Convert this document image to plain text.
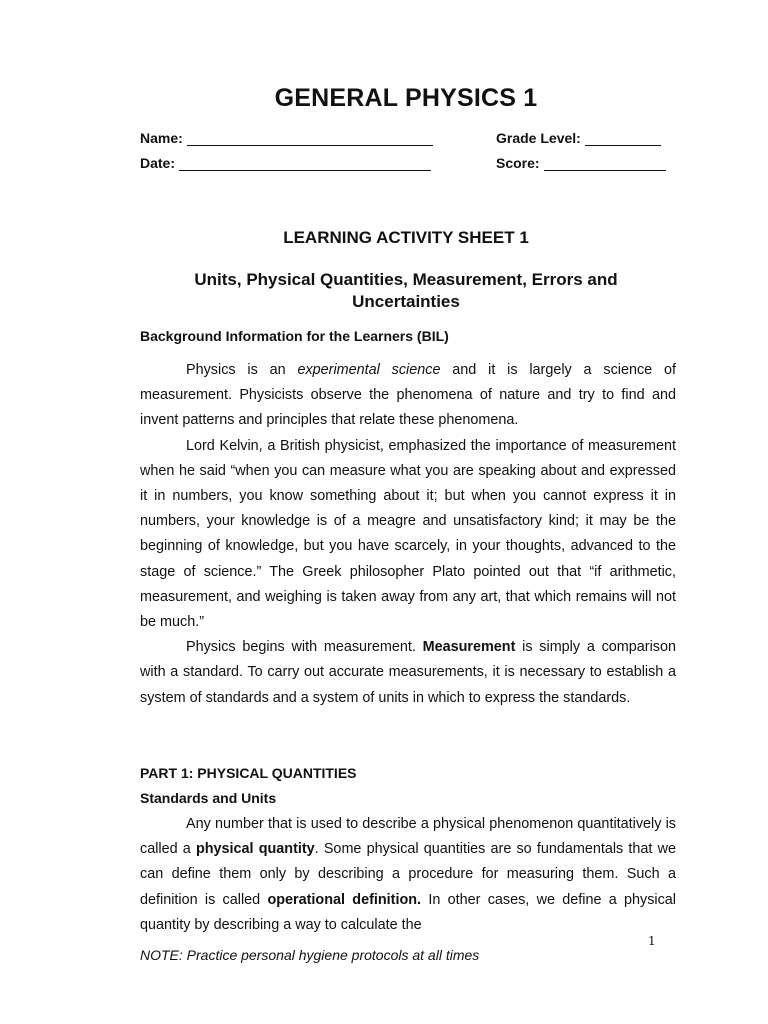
GENERAL PHYSICS 1
Name:	Grade Level:
Date:	Score:
LEARNING ACTIVITY SHEET 1
Units, Physical Quantities, Measurement, Errors and Uncertainties
Background Information for the Learners (BIL)

Physics is an experimental science and it is largely a science of measurement. Physicists observe the phenomena of nature and try to find and invent patterns and principles that relate these phenomena.

Lord Kelvin, a British physicist, emphasized the importance of measurement when he said “when you can measure what you are speaking about and expressed it in numbers, you know something about it; but when you cannot express it in numbers, your knowledge is of a meagre and unsatisfactory kind; it may be the beginning of knowledge, but you have scarcely, in your thoughts, advanced to the stage of science.” The Greek philosopher Plato pointed out that “if arithmetic, measurement, and weighing is taken away from any art, that which remains will not be much.”

Physics begins with measurement. Measurement is simply a comparison with a standard. To carry out accurate measurements, it is necessary to establish a system of standards and a system of units in which to express the standards.

PART 1: PHYSICAL QUANTITIES
Standards and Units

Any number that is used to describe a physical phenomenon quantitatively is called a physical quantity. Some physical quantities are so fundamentals that we can define them only by describing a procedure for measuring them. Such a definition is called operational definition. In other cases, we define a physical quantity by describing a way to calculate the

1
NOTE: Practice personal hygiene protocols at all times
